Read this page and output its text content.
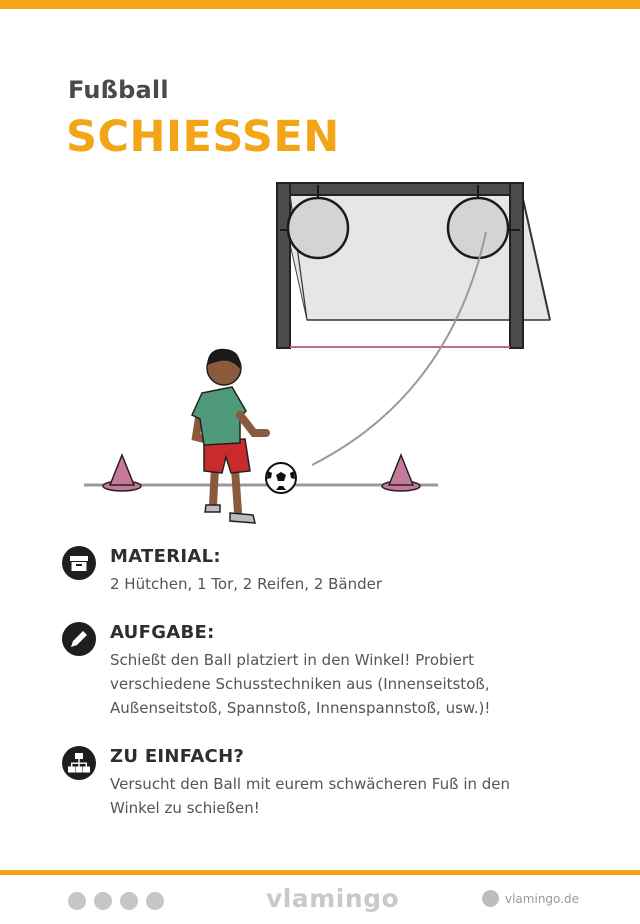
Fußball
SCHIESSEN
MATERIAL:
2 Hütchen, 1 Tor, 2 Reifen, 2 Bänder
AUFGABE:
Schießt den Ball platziert in den Winkel! Probiert verschiedene Schusstechniken aus (Innenseitstoß, Außenseitstoß, Spannstoß, Innenspannstoß, usw.)!
ZU EINFACH?
Versucht den Ball mit eurem schwächeren Fuß in den Winkel zu schießen!
vlamingo	vlamingo.de
